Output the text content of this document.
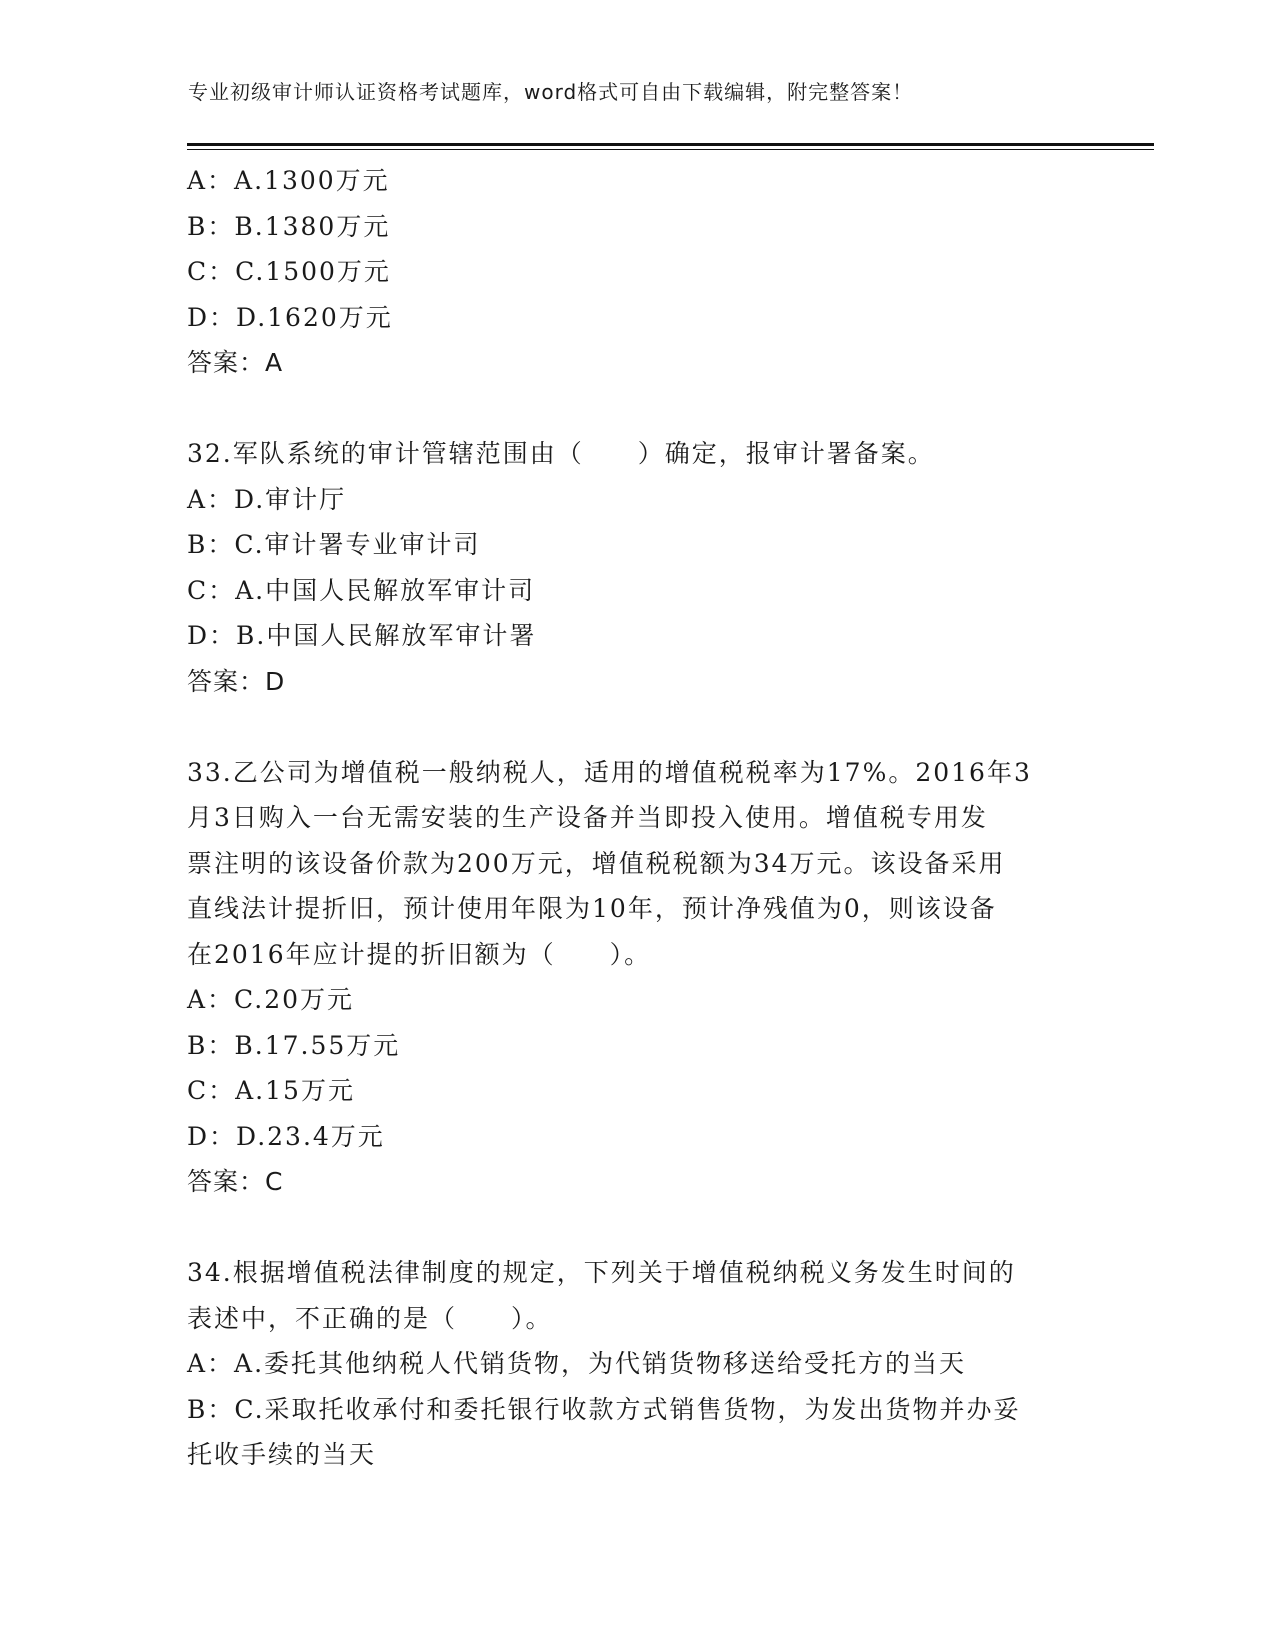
专业初级审计师认证资格考试题库，word格式可自由下载编辑，附完整答案！

A：A.1300万元

B：B.1380万元

C：C.1500万元

D：D.1620万元

答案：A

32.军队系统的审计管辖范围由（　　）确定，报审计署备案。

A：D.审计厅

B：C.审计署专业审计司

C：A.中国人民解放军审计司

D：B.中国人民解放军审计署

答案：D

33.乙公司为增值税一般纳税人，适用的增值税税率为17%。2016年3

月3日购入一台无需安装的生产设备并当即投入使用。增值税专用发

票注明的该设备价款为200万元，增值税税额为34万元。该设备采用

直线法计提折旧，预计使用年限为10年，预计净残值为0，则该设备

在2016年应计提的折旧额为（　　）。

A：C.20万元

B：B.17.55万元

C：A.15万元

D：D.23.4万元

答案：C

34.根据增值税法律制度的规定，下列关于增值税纳税义务发生时间的

表述中，不正确的是（　　）。

A：A.委托其他纳税人代销货物，为代销货物移送给受托方的当天

B：C.采取托收承付和委托银行收款方式销售货物，为发出货物并办妥

托收手续的当天
